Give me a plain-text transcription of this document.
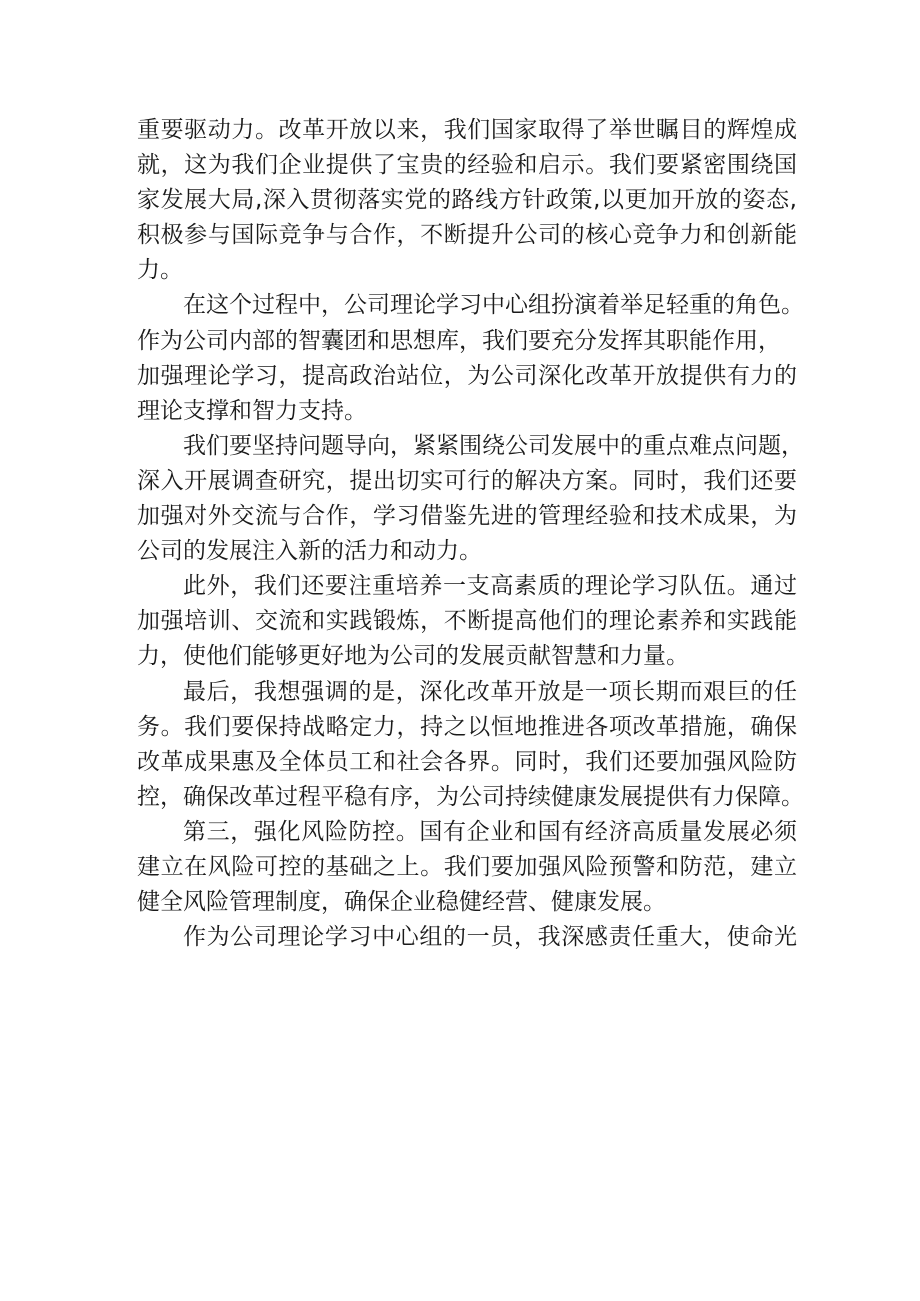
重要驱动力。改革开放以来，我们国家取得了举世瞩目的辉煌成
就，这为我们企业提供了宝贵的经验和启示。我们要紧密围绕国
家发展大局,深入贯彻落实党的路线方针政策,以更加开放的姿态,
积极参与国际竞争与合作，不断提升公司的核心竞争力和创新能
力。
在这个过程中，公司理论学习中心组扮演着举足轻重的角色。
作为公司内部的智囊团和思想库，我们要充分发挥其职能作用，
加强理论学习，提高政治站位，为公司深化改革开放提供有力的
理论支撑和智力支持。
我们要坚持问题导向，紧紧围绕公司发展中的重点难点问题，
深入开展调查研究，提出切实可行的解决方案。同时，我们还要
加强对外交流与合作，学习借鉴先进的管理经验和技术成果，为
公司的发展注入新的活力和动力。
此外，我们还要注重培养一支高素质的理论学习队伍。通过
加强培训、交流和实践锻炼，不断提高他们的理论素养和实践能
力，使他们能够更好地为公司的发展贡献智慧和力量。
最后，我想强调的是，深化改革开放是一项长期而艰巨的任
务。我们要保持战略定力，持之以恒地推进各项改革措施，确保
改革成果惠及全体员工和社会各界。同时，我们还要加强风险防
控，确保改革过程平稳有序，为公司持续健康发展提供有力保障。
第三，强化风险防控。国有企业和国有经济高质量发展必须
建立在风险可控的基础之上。我们要加强风险预警和防范，建立
健全风险管理制度，确保企业稳健经营、健康发展。
作为公司理论学习中心组的一员，我深感责任重大，使命光
